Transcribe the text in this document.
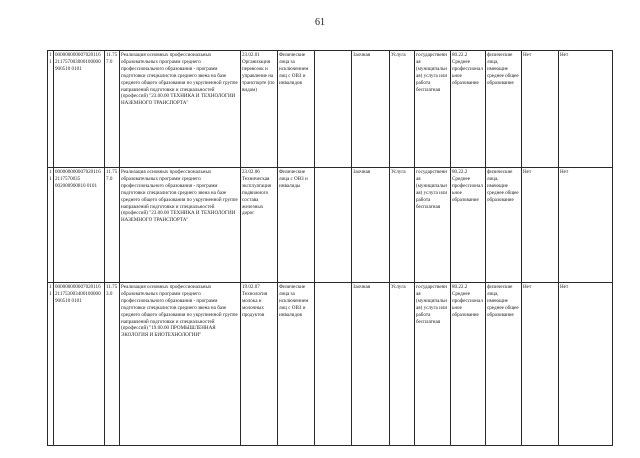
61
11	000000000007020116211757003000100000900510 0101	11.757.0	Реализация основных профессиональных образовательных программ среднего профессионального образования - программ подготовки специалистов среднего звена на базе среднего общего образования по укрупненной группе направлений подготовки и специальностей (профессий) "23.00.00 ТЕХНИКА И ТЕХНОЛОГИИ НАЗЕМНОГО ТРАНСПОРТА"	23.02.01 Организация перевозок и управление на транспорте (по видам)	Физические лица за исключением лиц с ОВЗ и инвалидов		Заочная	Услуга	государственная (муниципальная) услуга или работа бесплатная	80.22.2 Среднее профессиональное образование	физические лица, имеющие среднее общее образование	Нет	Нет
11	0000000000070201162117570035 002000900810 0101	11.757.0	Реализация основных профессиональных образовательных программ среднего профессионального образования - программ подготовки специалистов среднего звена на базе среднего общего образования по укрупненной группе направлений подготовки и специальностей (профессий) "23.00.00 ТЕХНИКА И ТЕХНОЛОГИИ НАЗЕМНОГО ТРАНСПОРТА"	23.02.06 Техническая эксплуатация подвижного состава железных дорог	Физические лица с ОВЗ и инвалиды		Заочная	Услуга	государственная (муниципальная) услуга или работа бесплатная	80.22.2 Среднее профессиональное образование	физические лица, имеющие среднее общее образование	Нет	Нет
11	000000000007020116211753003400100000900510 0101	11.753.0	Реализация основных профессиональных образовательных программ среднего профессионального образования - программ подготовки специалистов среднего звена на базе среднего общего образования по укрупненной группе направлений подготовки и специальностей (профессий) "19.00.00 ПРОМЫШЛЕННАЯ ЭКОЛОГИЯ И БИОТЕХНОЛОГИИ"	19.02.07 Технология молока и молочных продуктов	Физические лица за исключением лиц с ОВЗ и инвалидов		Заочная	Услуга	государственная (муниципальная) услуга или работа бесплатная	80.22.2 Среднее профессиональное образование	физические лица, имеющие среднее общее образование	Нет	Нет
